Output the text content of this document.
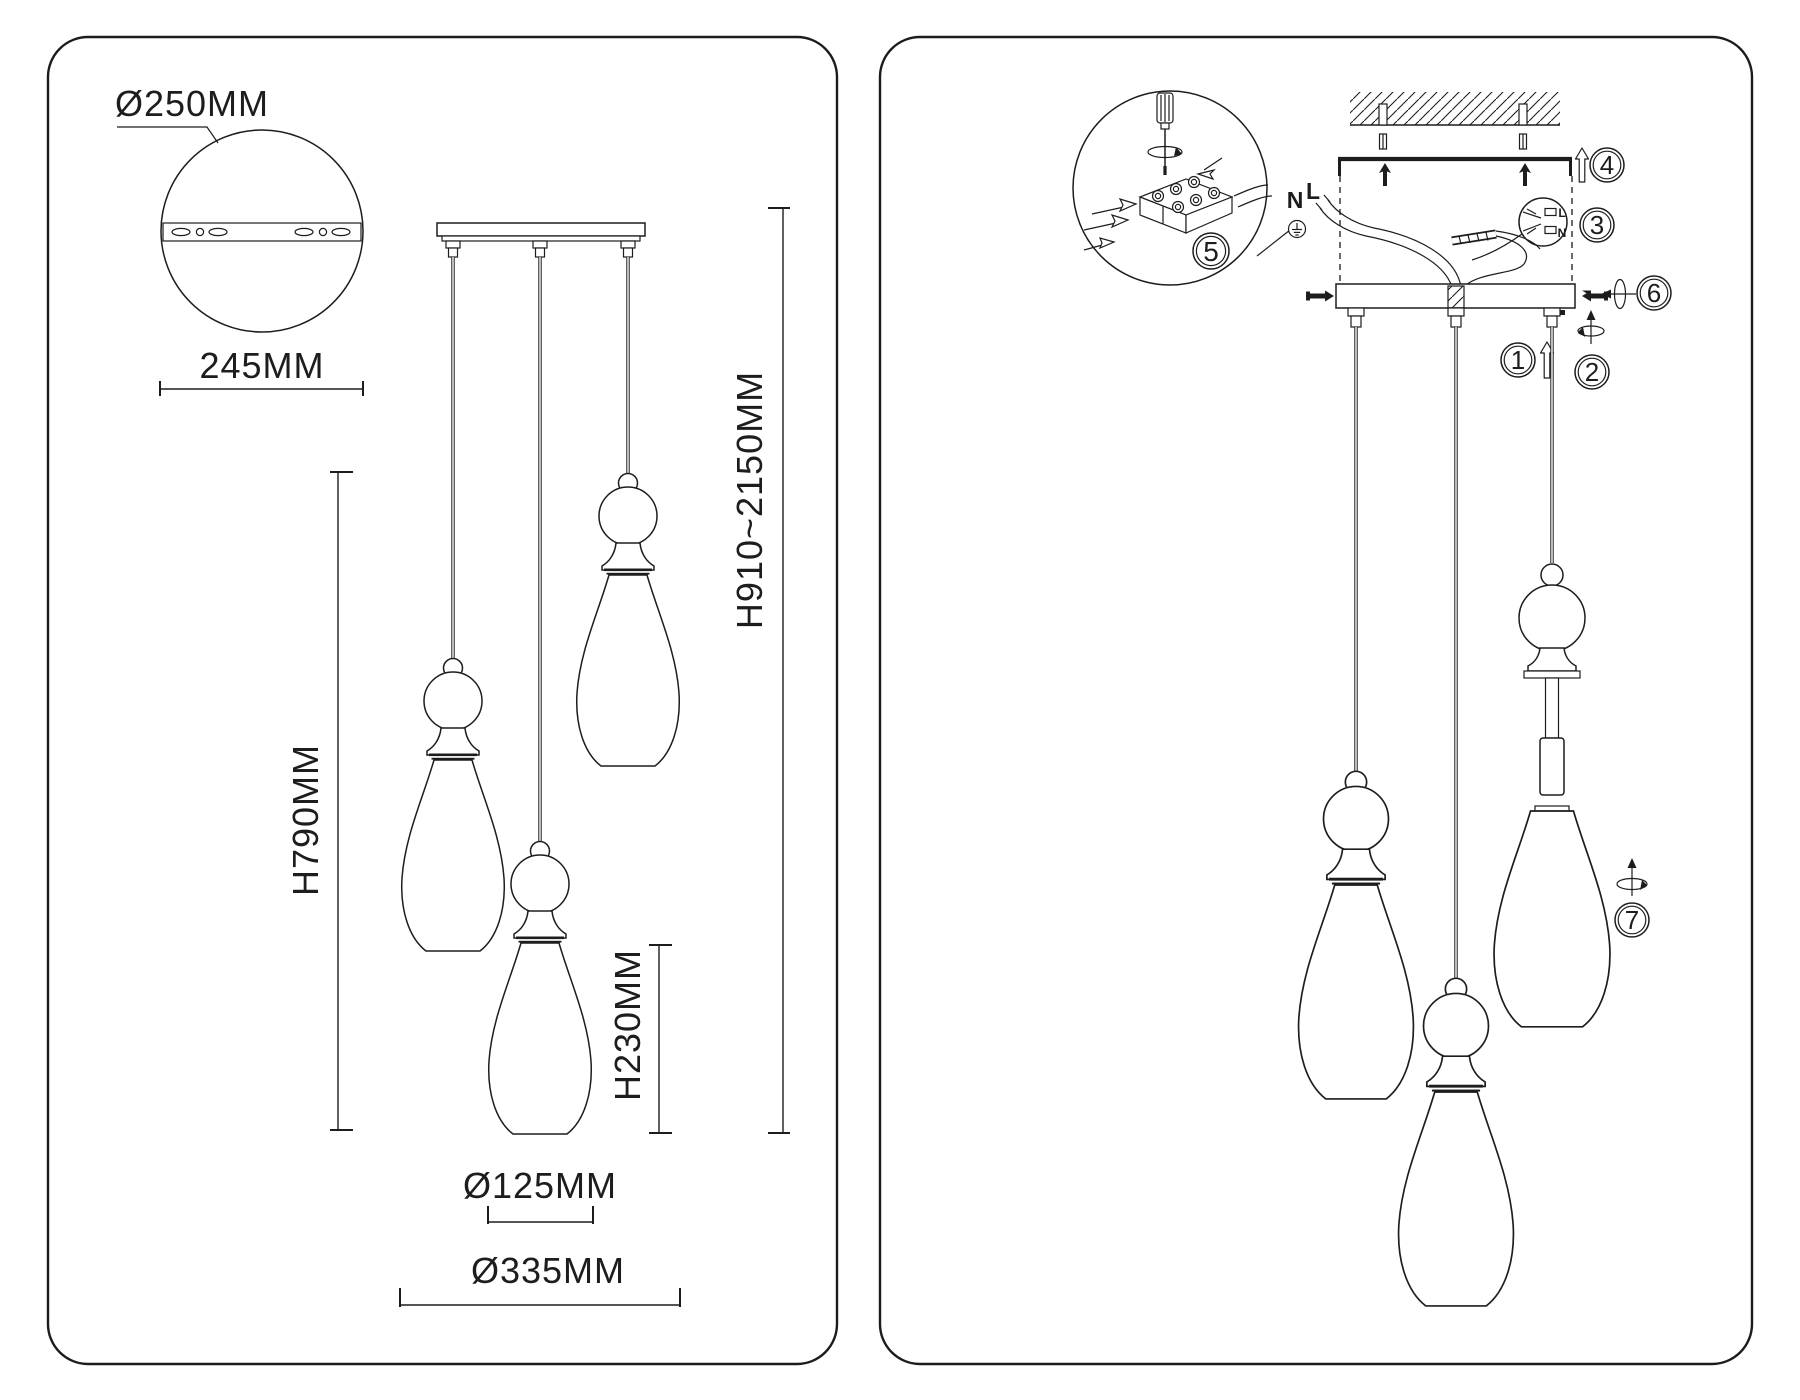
Ø250MM
245MM
H790MM
H910~2150MM
H230MM
Ø125MM
Ø335MM
N L
5
L
N 3
4
6
1 2
7
